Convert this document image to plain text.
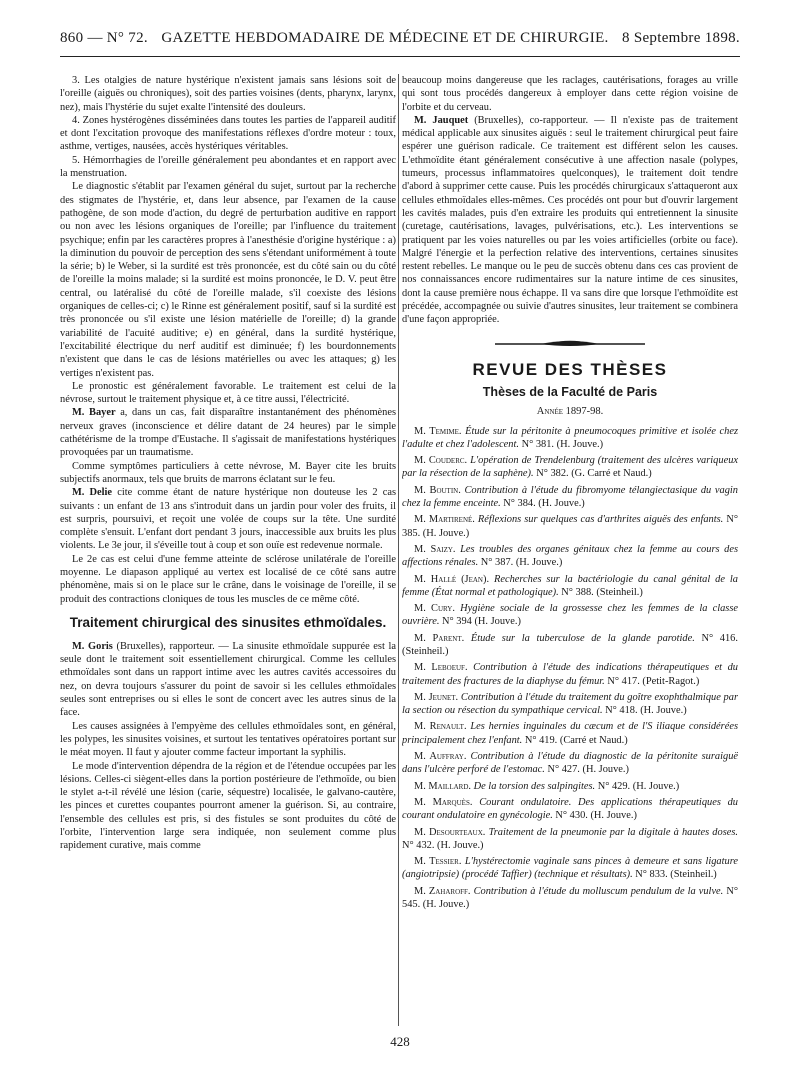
860 — N° 72. GAZETTE HEBDOMADAIRE DE MÉDECINE ET DE CHIRURGIE. 8 Septembre 1898.

3. Les otalgies de nature hystérique n'existent jamais sans lésions soit de l'oreille (aiguës ou chroniques), soit des parties voisines (dents, pharynx, larynx, nez), mais l'hystérie du sujet exalte l'intensité des douleurs.

4. Zones hystérogènes disséminées dans toutes les parties de l'appareil auditif et dont l'excitation provoque des manifestations réflexes d'ordre moteur : toux, asthme, vertiges, nausées, accès hystériques véritables.

5. Hémorrhagies de l'oreille généralement peu abondantes et en rapport avec la menstruation.

Le diagnostic s'établit par l'examen général du sujet, surtout par la recherche des stigmates de l'hystérie, et, dans leur absence, par l'examen de la cause pathogène, de son mode d'action, du degré de perturbation auditive en rapport ou non avec les lésions organiques de l'oreille; par l'influence du traitement psychique; enfin par les caractères propres à l'anesthésie d'origine hystérique : a) la diminution du pouvoir de perception des sens s'étendant uniformément à toute la série; b) le Weber, si la surdité est très prononcée, est du côté sain ou du côté de l'oreille la moins malade; si la surdité est moins prononcée, le D. V. peut être central, ou latéralisé du côté de l'oreille malade, s'il coexiste des lésions organiques de celles-ci; c) le Rinne est généralement positif, sauf si la surdité est très prononcée ou s'il existe une lésion matérielle de l'oreille; d) la grande variabilité de l'acuité auditive; e) en général, dans la surdité hystérique, l'excitabilité électrique du nerf auditif est diminuée; f) les bourdonnements n'existent que dans le cas de lésions matérielles ou avec les attaques; g) les vertiges n'existent pas.

Le pronostic est généralement favorable. Le traitement est celui de la névrose, surtout le traitement physique et, à ce titre aussi, l'électricité.

M. Bayer a, dans un cas, fait disparaître instantanément des phénomènes nerveux graves (inconscience et délire datant de 24 heures) par le simple cathétérisme de la trompe d'Eustache. Il s'agissait de manifestations hystériques provoquées par un traumatisme.

Comme symptômes particuliers à cette névrose, M. Bayer cite les bruits subjectifs anormaux, tels que bruits de marrons éclatant sur le feu.

M. Delie cite comme étant de nature hystérique non douteuse les 2 cas suivants : un enfant de 13 ans s'introduit dans un jardin pour voler des fruits, il est surpris, poursuivi, et reçoit une volée de coups sur la tête. Une surdité complète s'ensuit. L'enfant dort pendant 3 jours, inaccessible aux bruits les plus violents. Le 3e jour, il s'éveille tout à coup et son ouïe est redevenue normale.

Le 2e cas est celui d'une femme atteinte de sclérose unilatérale de l'oreille moyenne. Le diapason appliqué au vertex est localisé de ce côté sans autre phénomène, mais si on le place sur le crâne, dans le voisinage de l'oreille, il se produit des contractions cloniques de tous les muscles de ce même côté.

Traitement chirurgical des sinusites ethmoïdales.

M. Goris (Bruxelles), rapporteur. — La sinusite ethmoïdale suppurée est la seule dont le traitement soit essentiellement chirurgical. Comme les cellules ethmoïdales sont dans un rapport intime avec les autres cavités accessoires du nez, on devra toujours s'assurer du point de savoir si les cellules ethmoïdales seules sont entreprises ou si elles le sont de concert avec les autres sinus de la face.

Les causes assignées à l'empyème des cellules ethmoïdales sont, en général, les polypes, les sinusites voisines, et surtout les tentatives opératoires portant sur le méat moyen. Il faut y ajouter comme facteur important la syphilis.

Le mode d'intervention dépendra de la région et de l'étendue occupées par les lésions. Celles-ci siègent-elles dans la portion postérieure de l'ethmoïde, ou bien le stylet a-t-il révélé une lésion (carie, séquestre) localisée, le galvano-cautère, les pinces et curettes coupantes pourront amener la guérison. Si, au contraire, l'ensemble des cellules est pris, si des fistules se sont produites du côté de l'orbite, l'intervention large sera indiquée, non seulement comme plus rapidement curative, mais comme

beaucoup moins dangereuse que les raclages, cautérisations, forages au vrille qui sont tous procédés dangereux à employer dans cette région voisine de l'orbite et du cerveau.

M. Jauquet (Bruxelles), co-rapporteur. — Il n'existe pas de traitement médical applicable aux sinusites aiguës : seul le traitement chirurgical peut faire espérer une guérison radicale. Ce traitement est différent selon les causes. L'ethmoïdite étant généralement consécutive à une affection nasale (polypes, tumeurs, processus inflammatoires quelconques), le traitement doit tendre d'abord à supprimer cette cause. Puis les procédés chirurgicaux s'attaqueront aux cellules ethmoïdales elles-mêmes. Ces procédés ont pour but d'ouvrir largement les cavités malades, puis d'en extraire les produits qui entretiennent la sinusite (curetage, cautérisations, lavages, pulvérisations, etc.). Les interventions se pratiquent par les voies naturelles ou par les voies artificielles (orbite ou face). Malgré l'énergie et la perfection relative des interventions, certaines sinusites restent rebelles. Le manque ou le peu de succès obtenu dans ces cas provient de nos connaissances encore rudimentaires sur la nature intime de ces sinusites, dont la cause première nous échappe. Il va sans dire que lorsque l'ethmoïdite est précédée, accompagnée ou suivie d'autres sinusites, leur traitement se combinera d'une façon appropriée.

REVUE DES THÈSES
Thèses de la Faculté de Paris
Année 1897-98.

M. Temime. Étude sur la péritonite à pneumocoques primitive et isolée chez l'adulte et chez l'adolescent. N° 381. (H. Jouve.)

M. Couderc. L'opération de Trendelenburg (traitement des ulcères variqueux par la résection de la saphène). N° 382. (G. Carré et Naud.)

M. Boutin. Contribution à l'étude du fibromyome télangiectasique du vagin chez la femme enceinte. N° 384. (H. Jouve.)

M. Martirené. Réflexions sur quelques cas d'arthrites aiguës des enfants. N° 385. (H. Jouve.)

M. Saizy. Les troubles des organes génitaux chez la femme au cours des affections rénales. N° 387. (H. Jouve.)

M. Hallé (Jean). Recherches sur la bactériologie du canal génital de la femme (État normal et pathologique). N° 388. (Steinheil.)

M. Cury. Hygiène sociale de la grossesse chez les femmes de la classe ouvrière. N° 394 (H. Jouve.)

M. Parent. Étude sur la tuberculose de la glande parotide. N° 416. (Steinheil.)

M. Leboeuf. Contribution à l'étude des indications thérapeutiques et du traitement des fractures de la diaphyse du fémur. N° 417. (Petit-Ragot.)

M. Jeunet. Contribution à l'étude du traitement du goître exophthalmique par la section ou résection du sympathique cervical. N° 418. (H. Jouve.)

M. Renault. Les hernies inguinales du cæcum et de l'S iliaque considérées principalement chez l'enfant. N° 419. (Carré et Naud.)

M. Auffray. Contribution à l'étude du diagnostic de la péritonite suraiguë dans l'ulcère perforé de l'estomac. N° 427. (H. Jouve.)

M. Maillard. De la torsion des salpingites. N° 429. (H. Jouve.)

M. Marquès. Courant ondulatoire. Des applications thérapeutiques du courant ondulatoire en gynécologie. N° 430. (H. Jouve.)

M. Desourteaux. Traitement de la pneumonie par la digitale à hautes doses. N° 432. (H. Jouve.)

M. Tessier. L'hystérectomie vaginale sans pinces à demeure et sans ligature (angiotripsie) (procédé Taffier) (technique et résultats). N° 833. (Steinheil.)

M. Zaharoff. Contribution à l'étude du molluscum pendulum de la vulve. N° 545. (H. Jouve.)

428
